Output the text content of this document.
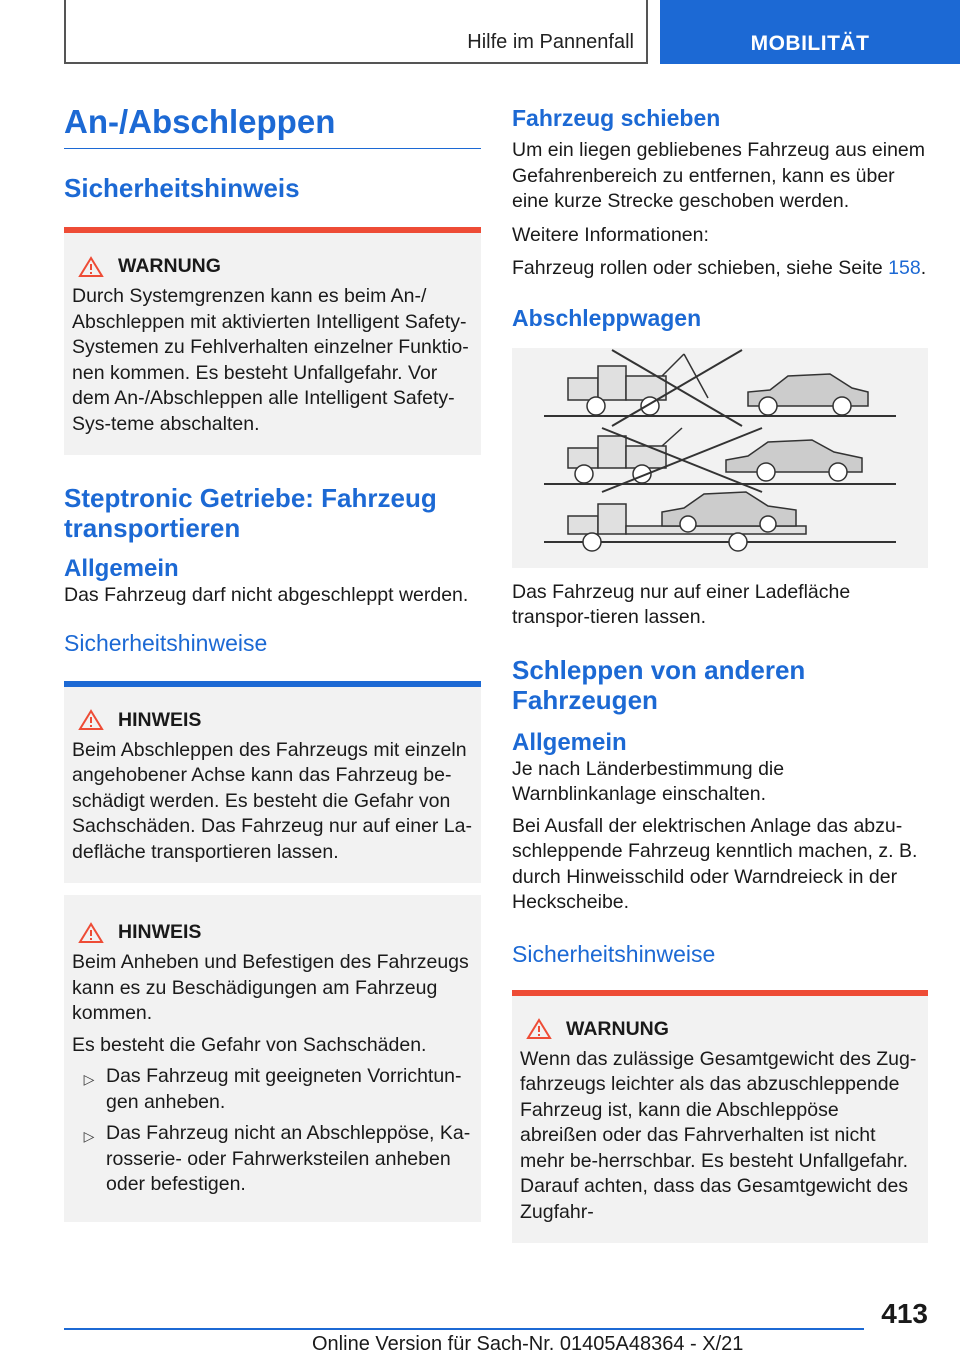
Hilfe im Pannenfall	MOBILITÄT
An-/Abschleppen
Sicherheitshinweis
WARNUNG

Durch Systemgrenzen kann es beim An-/ Abschleppen mit aktivierten Intelligent Safety-Systemen zu Fehlverhalten einzelner Funktio-nen kommen. Es besteht Unfallgefahr. Vor dem An-/Abschleppen alle Intelligent Safety-Sys-teme abschalten.

Steptronic Getriebe: Fahrzeug transportieren
Allgemein

Das Fahrzeug darf nicht abgeschleppt werden.

Sicherheitshinweise
HINWEIS

Beim Abschleppen des Fahrzeugs mit einzeln angehobener Achse kann das Fahrzeug be-schädigt werden. Es besteht die Gefahr von Sachschäden. Das Fahrzeug nur auf einer La-defläche transportieren lassen.

HINWEIS

Beim Anheben und Befestigen des Fahrzeugs kann es zu Beschädigungen am Fahrzeug kommen.

Es besteht die Gefahr von Sachschäden.

▷ Das Fahrzeug mit geeigneten Vorrichtun-gen anheben.
▷ Das Fahrzeug nicht an Abschleppöse, Ka-rosserie- oder Fahrwerksteilen anheben oder befestigen.
Fahrzeug schieben

Um ein liegen gebliebenes Fahrzeug aus einem Gefahrenbereich zu entfernen, kann es über eine kurze Strecke geschoben werden.

Weitere Informationen:

Fahrzeug rollen oder schieben, siehe Seite 158.

Abschleppwagen

Das Fahrzeug nur auf einer Ladefläche transpor-tieren lassen.

Schleppen von anderen Fahrzeugen
Allgemein

Je nach Länderbestimmung die Warnblinkanlage einschalten.

Bei Ausfall der elektrischen Anlage das abzu-schleppende Fahrzeug kenntlich machen, z. B. durch Hinweisschild oder Warndreieck in der Heckscheibe.

Sicherheitshinweise
WARNUNG

Wenn das zulässige Gesamtgewicht des Zug-fahrzeugs leichter als das abzuschleppende Fahrzeug ist, kann die Abschleppöse abreißen oder das Fahrverhalten ist nicht mehr be-herrschbar. Es besteht Unfallgefahr. Darauf achten, dass das Gesamtgewicht des Zugfahr-

413
Online Version für Sach-Nr. 01405A48364 - X/21
